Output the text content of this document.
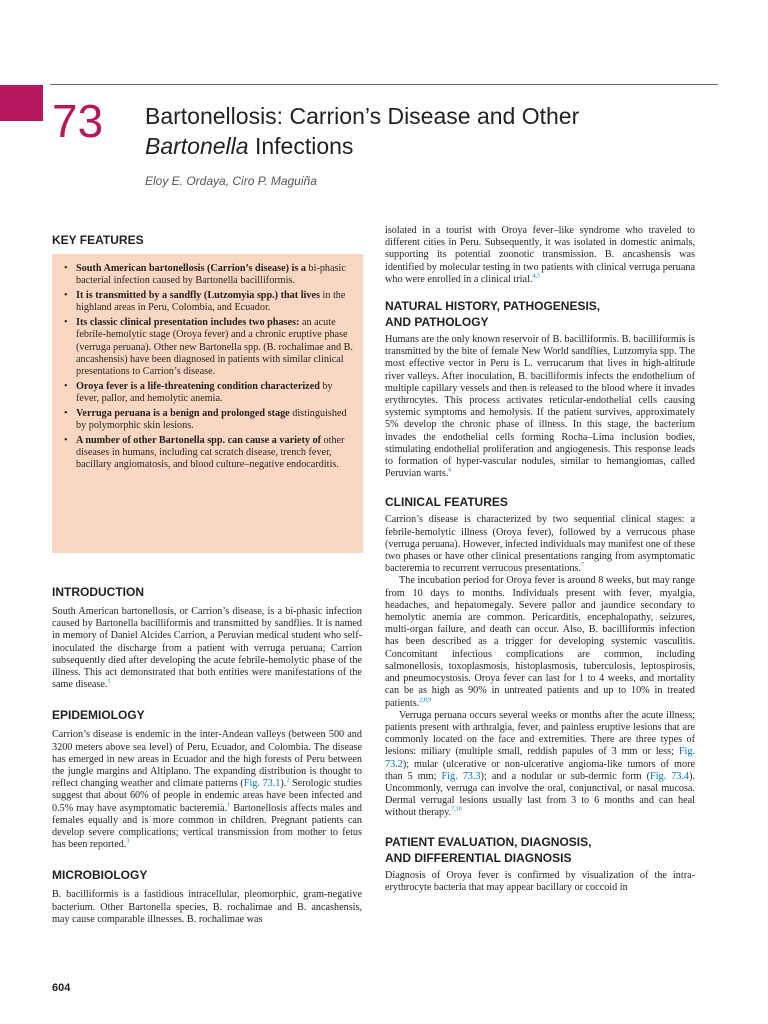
73 Bartonellosis: Carrion’s Disease and Other
Bartonella Infections
Eloy E. Ordaya, Ciro P. Maguiña
KEY FEATURES
• South American bartonellosis (Carrion’s disease) is a bi-phasic bacterial infection caused by Bartonella bacilliformis.
• It is transmitted by a sandfly (Lutzomyia spp.) that lives in the highland areas in Peru, Colombia, and Ecuador.
• Its classic clinical presentation includes two phases: an acute febrile-hemolytic stage (Oroya fever) and a chronic eruptive phase (verruga peruana). Other new Bartonella spp. (B. rochalimae and B. ancashensis) have been diagnosed in patients with similar clinical presentations to Carrion’s disease.
• Oroya fever is a life-threatening condition characterized by fever, pallor, and hemolytic anemia.
• Verruga peruana is a benign and prolonged stage distinguished by polymorphic skin lesions.
• A number of other Bartonella spp. can cause a variety of other diseases in humans, including cat scratch disease, trench fever, bacillary angiomatosis, and blood culture–negative endocarditis.
INTRODUCTION

South American bartonellosis, or Carrion’s disease, is a bi-phasic infection caused by Bartonella bacilliformis and transmitted by sandflies. It is named in memory of Daniel Alcides Carrion, a Peruvian medical student who self-inoculated the discharge from a patient with verruga peruana; Carrion subsequently died after developing the acute febrile-hemolytic phase of the illness. This act demonstrated that both entities were manifestations of the same disease.$^1$

EPIDEMIOLOGY

Carrion’s disease is endemic in the inter-Andean valleys (between 500 and 3200 meters above sea level) of Peru, Ecuador, and Colombia. The disease has emerged in new areas in Ecuador and the high forests of Peru between the jungle margins and Altiplano. The expanding distribution is thought to reflect changing weather and climate patterns (Fig. 73.1).$^2$ Serologic studies suggest that about 60% of people in endemic areas have been infected and 0.5% may have asymptomatic bacteremia.$^1$ Bartonellosis affects males and females equally and is more common in children. Pregnant patients can develop severe complications; vertical transmission from mother to fetus has been reported.$^3$

MICROBIOLOGY

B. bacilliformis is a fastidious intracellular, pleomorphic, gram-negative bacterium. Other Bartonella species, B. rochalimae and B. ancashensis, may cause comparable illnesses. B. rochalimae was

isolated in a tourist with Oroya fever–like syndrome who traveled to different cities in Peru. Subsequently, it was isolated in domestic animals, supporting its potential zoonotic transmission. B. ancashensis was identified by molecular testing in two patients with clinical verruga peruana who were enrolled in a clinical trial.$^{4,5}$

NATURAL HISTORY, PATHOGENESIS,
AND PATHOLOGY

Humans are the only known reservoir of B. bacilliformis. B. bacilliformis is transmitted by the bite of female New World sandflies, Lutzomyia spp. The most effective vector in Peru is L. verrucarum that lives in high-altitude river valleys. After inoculation, B. bacilliformis infects the endothelium of multiple capillary vessels and then is released to the blood where it invades erythrocytes. This process activates reticular-endothelial cells causing systemic symptoms and hemolysis. If the patient survives, approximately 5% develop the chronic phase of illness. In this stage, the bacterium invades the endothelial cells forming Rocha–Lima inclusion bodies, stimulating endothelial proliferation and angiogenesis. This response leads to formation of hyper-vascular nodules, similar to hemangiomas, called Peruvian warts.$^6$

CLINICAL FEATURES

Carrion’s disease is characterized by two sequential clinical stages: a febrile-hemolytic illness (Oroya fever), followed by a verrucous phase (verruga peruana). However, infected individuals may manifest one of these two phases or have other clinical presentations ranging from asymptomatic bacteremia to recurrent verrucous presentations.$^7$

The incubation period for Oroya fever is around 8 weeks, but may range from 10 days to months. Individuals present with fever, myalgia, headaches, and hepatomegaly. Severe pallor and jaundice secondary to hemolytic anemia are common. Pericarditis, encephalopathy, seizures, multi-organ failure, and death can occur. Also, B. bacilliformis infection has been described as a trigger for developing systemic vasculitis. Concomitant infectious complications are common, including salmonellosis, toxoplasmosis, histoplasmosis, tuberculosis, leptospirosis, and pneumocystosis. Oroya fever can last for 1 to 4 weeks, and mortality can be as high as 90% in untreated patients and up to 10% in treated patients.$^{2,8,9}$

Verruga peruana occurs several weeks or months after the acute illness; patients present with arthralgia, fever, and painless eruptive lesions that are commonly located on the face and extremities. There are three types of lesions: miliary (multiple small, reddish papules of 3 mm or less; Fig. 73.2); mular (ulcerative or non-ulcerative angioma-like tumors of more than 5 mm; Fig. 73.3); and a nodular or sub-dermic form (Fig. 73.4). Uncommonly, verruga can involve the oral, conjunctival, or nasal mucosa. Dermal verrugal lesions usually last from 3 to 6 months and can heal without therapy.$^{7,10}$

PATIENT EVALUATION, DIAGNOSIS,
AND DIFFERENTIAL DIAGNOSIS

Diagnosis of Oroya fever is confirmed by visualization of the intra-erythrocyte bacteria that may appear bacillary or coccoid in

604
